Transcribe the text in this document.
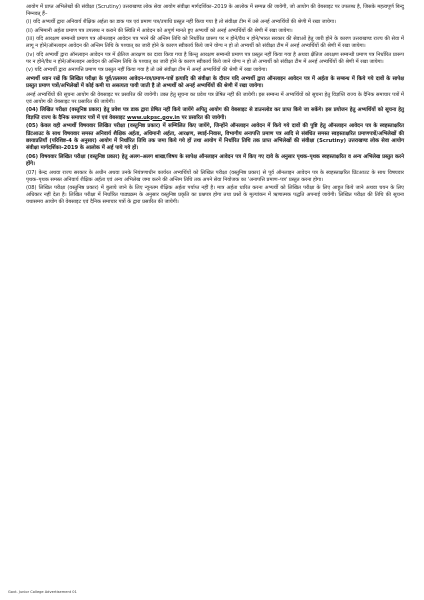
आयोग में प्राप्त अभिलेखों की संवीक्षा (Scrutiny) उत्तराखण्ड लोक सेवा आयोग संवीक्षा मार्गदर्शिका–2019 के आलोक में सम्पन्न की जायेगी, जो आयोग की वेबसाइट पर उपलब्ध है, जिसके महत्वपूर्ण बिन्दु निम्नवत् हैं–

(i) यदि अभ्यर्थी द्वारा अनिवार्य शैक्षिक अर्हता का डाक पत्र एवं प्रमाण पत्र/उपाधि प्रस्तुत नहीं किया गया है तो संवीक्षा टीम में उसे अनर्ह अभ्यर्थियों की श्रेणी में रखा जायेगा।

(ii) अभिमानी अर्हता प्रमाण पत्र उपलब्ध न कराने की स्थिति में आवेदन को अपूर्ण मानते हुए अभ्यर्थी को अनर्ह अभ्यर्थियों की श्रेणी में रखा जायेगा।

(iii) यदि आरक्षण सम्बन्धी प्रमाण पत्र ऑनलाइन आवेदन पत्र भरने की अन्तिम तिथि को निर्धारित प्रारूप पर न होने/वैध न होने/भारत सरकार की सेवाओं हेतु जारी होने के कारण उत्तराखण्ड राज्य की सेवा में लागू न होने/ऑनलाइन आवेदन की अन्तिम तिथि के पश्चात् का जारी होने के कारण स्वीकार्य किये जाने योग्य न हो तो अभ्यर्थी को संवीक्षा टीम में अनर्ह अभ्यर्थियों की श्रेणी में रखा जायेगा।

(iv) यदि अभ्यर्थी द्वारा ऑनलाइन आवेदन पत्र में क्षैतिज आरक्षण का दावा किया गया है किन्तु आरक्षण सम्बन्धी प्रमाण पत्र प्रस्तुत नहीं किया गया है अथवा क्षैतिज आरक्षण सम्बन्धी प्रमाण पत्र निर्धारित प्रारूप पर न होने/वैध न होने/ऑनलाइन आवेदन की अन्तिम तिथि के पश्चात् का जारी होने के कारण स्वीकार्य किये जाने योग्य न हो तो अभ्यर्थी को संवीक्षा टीम में अनर्ह अभ्यर्थियों की श्रेणी में रखा जायेगा।

(v) यदि अभ्यर्थी द्वारा अनापत्ति प्रमाण पत्र प्रस्तुत नहीं किया गया है तो उसे संवीक्षा टीम में अनर्ह अभ्यर्थियों की श्रेणी में रखा जायेगा।

अभ्यर्थी ध्यान रखें कि लिखित परीक्षा के पूर्व/तत्समय आवेदन-पत्र/प्रमाण-पत्रों इत्यादि की संवीक्षा के दौरान यदि अभ्यर्थी द्वारा ऑनलाइन आवेदन पत्र में अर्हता के सम्बन्ध में किये गये दावों के सापेक्ष प्रस्तुत प्रमाण पत्रों/अभिलेखों में कोई कमी या असत्यता पायी जाती है तो अभ्यर्थी को अनर्ह अभ्यर्थियों की श्रेणी में रखा जायेगा।

अनर्ह अभ्यर्थियों की सूचना आयोग की वेबसाइट पर प्रसारित की जायेगी। उक्त हेतु सूचना का प्रवेश पत्र प्रेषित नहीं की जायेगी। इस सम्बन्ध में अभ्यर्थियों को सूचना हेतु विज्ञप्ति राज्य के दैनिक समाचार पत्रों में एवं आयोग की वेबसाइट पर प्रसारित की जायेगी।

(04) लिखित परीक्षा (वस्तुनिष्ठ प्रकार) हेतु प्रवेश पत्र डाक द्वारा प्रेषित नहीं किये जायेंगे अपितु आयोग की वेबसाइट से डाउनलोड कर प्राप्त किये जा सकेंगे। इस प्रयोजन हेतु अभ्यर्थियों को सूचना हेतु विज्ञप्ति राज्य के दैनिक समाचार पत्रों में एवं वेबसाइट www.ukpsc.gov.in पर प्रसारित की जायेगी।

(05) केवल वही अभ्यर्थी विषयवार लिखित परीक्षा (वस्तुनिष्ठ प्रकार) में सम्मिलित किए जायेंगे, जिन्होंने ऑनलाइन आवेदन में किये गये दावों की पुष्टि हेतु ऑनलाइन आवेदन पत्र के स्वहस्ताक्षरित प्रिंटआउट के साथ विषयवार समस्त अनिवार्य शैक्षिक अर्हता, अधिमानी अर्हता, आरक्षण, स्थाई-निवास, विभागीय अनापत्ति प्रमाण पत्र आदि से संबंधित समस्त स्वहस्ताक्षरित प्रमाणपत्रों/अभिलेखों की छायाप्रतियाँ (परिशिष्ट-4 के अनुसार) आयोग में निर्धारित तिथि तक जमा किये गये हों तथा आयोग में निर्धारित तिथि तक प्राप्त अभिलेखों की संवीक्षा (Scrutiny) उत्तराखण्ड लोक सेवा आयोग संवीक्षा मार्गदर्शिका–2019 के आलोक में अर्ह पाये गये हों।

(06) विषयवार लिखित परीक्षा (वस्तुनिष्ठ प्रकार) हेतु अलग–अलग शाखा/विषय के सापेक्ष ऑनलाइन आवेदन पत्र में किए गए दावे के अनुसार पृथक–पृथक स्वहस्ताक्षरित व अन्य अभिलेख प्रस्तुत करने होंगे।

(07) केन्द्र अथवा राज्य सरकार के अधीन अथवा उनके नियंत्रणाधीन कार्यरत अभ्यर्थियों को लिखित परीक्षा (वस्तुनिष्ठ प्रकार) से पूर्व ऑनलाइन आवेदन पत्र के स्वहस्ताक्षरित प्रिंटआउट के साथ विषयवार पृथक–पृथक समस्त अनिवार्य शैक्षिक अर्हता एवं अन्य अभिलेख जमा करने की अन्तिम तिथि तक अपने सेवा नियोजक का 'अनापत्ति प्रमाण–पत्र' प्रस्तुत करना होगा।

(08) लिखित परीक्षा (वस्तुनिष्ठ प्रकार) में बुलाये जाने के लिए न्यूनतम शैक्षिक अर्हता पर्याप्त नहीं है। मात्र अर्हता धारित करना अभ्यर्थी को लिखित परीक्षा के लिए आहूत किये जाने अथवा चयन के लिए अधिकार नहीं देता है। लिखित परीक्षा में निर्धारित पाठ्यक्रम के अनुसार वस्तुनिष्ठ प्रकृति का प्रश्नपत्र होगा तथा प्रश्नों के मूल्यांकन में ऋणात्मक पद्धति अपनाई जायेगी। लिखित परीक्षा की तिथि की सूचना यथासमय आयोग की वेबसाइट एवं दैनिक समाचार पत्रों के द्वारा प्रसारित की जायेगी।

Govt. Junior College Advertisement 01
